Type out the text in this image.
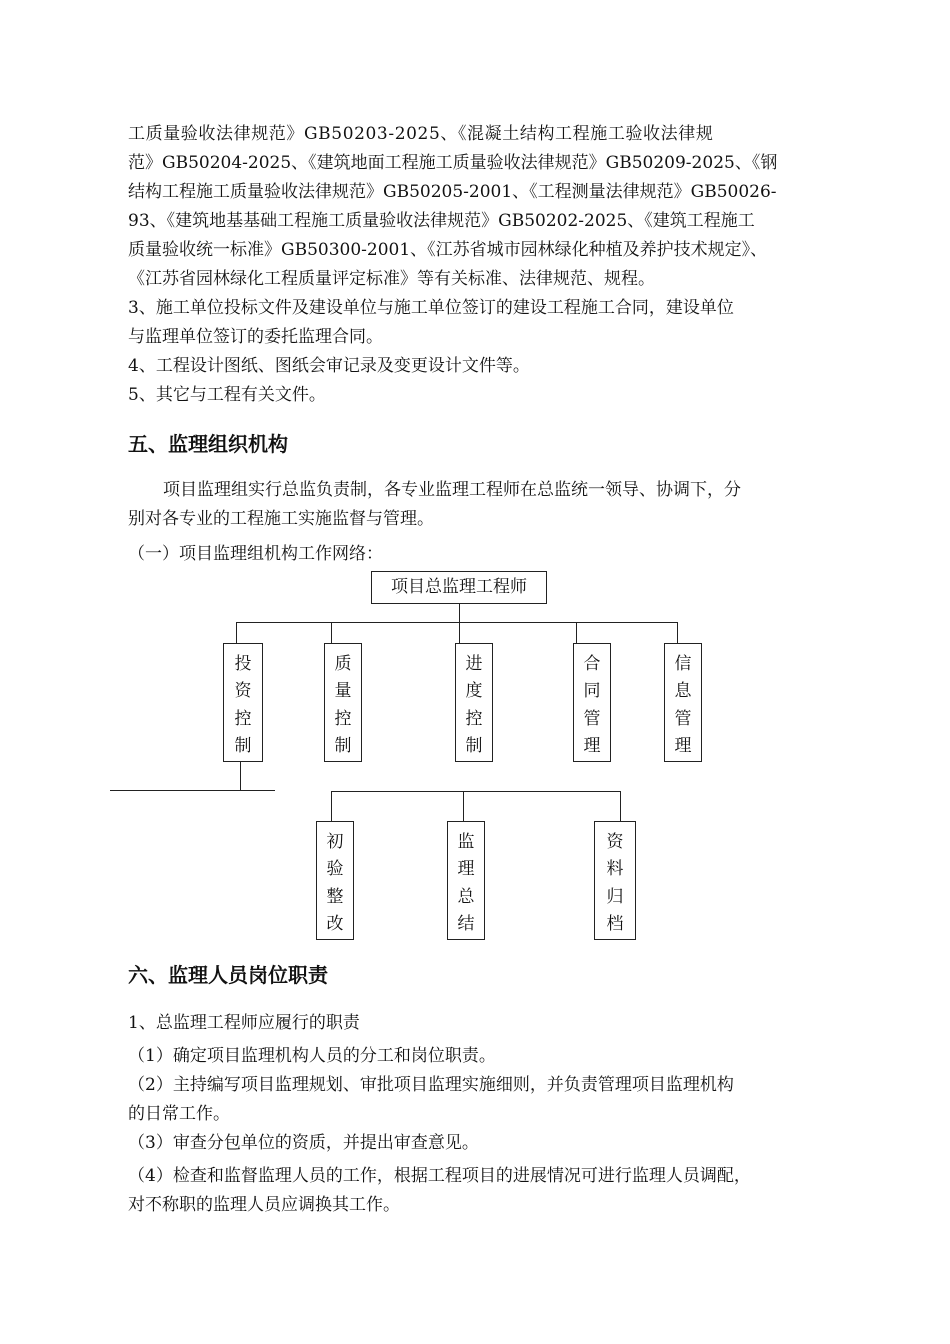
工质量验收法律规范》GB50203-2025、《混凝土结构工程施工验收法律规
范》GB50204-2025、《建筑地面工程施工质量验收法律规范》GB50209-2025、《钢
结构工程施工质量验收法律规范》GB50205-2001、《工程测量法律规范》GB50026-
93、《建筑地基基础工程施工质量验收法律规范》GB50202-2025、《建筑工程施工
质量验收统一标准》GB50300-2001、《江苏省城市园林绿化种植及养护技术规定》、
《江苏省园林绿化工程质量评定标准》等有关标准、法律规范、规程。
3、施工单位投标文件及建设单位与施工单位签订的建设工程施工合同，建设单位
与监理单位签订的委托监理合同。
4、工程设计图纸、图纸会审记录及变更设计文件等。
5、其它与工程有关文件。
五、监理组织机构
项目监理组实行总监负责制，各专业监理工程师在总监统一领导、协调下，分
别对各专业的工程施工实施监督与管理。
（一）项目监理组机构工作网络：
项目总监理工程师
投
资
控
制
质
量
控
制
进
度
控
制
合
同
管
理
信
息
管
理
初
验
整
改
监
理
总
结
资
料
归
档
六、监理人员岗位职责
1、总监理工程师应履行的职责
（1）确定项目监理机构人员的分工和岗位职责。
（2）主持编写项目监理规划、审批项目监理实施细则，并负责管理项目监理机构
的日常工作。
（3）审查分包单位的资质，并提出审查意见。
（4）检查和监督监理人员的工作，根据工程项目的进展情况可进行监理人员调配，
对不称职的监理人员应调换其工作。
